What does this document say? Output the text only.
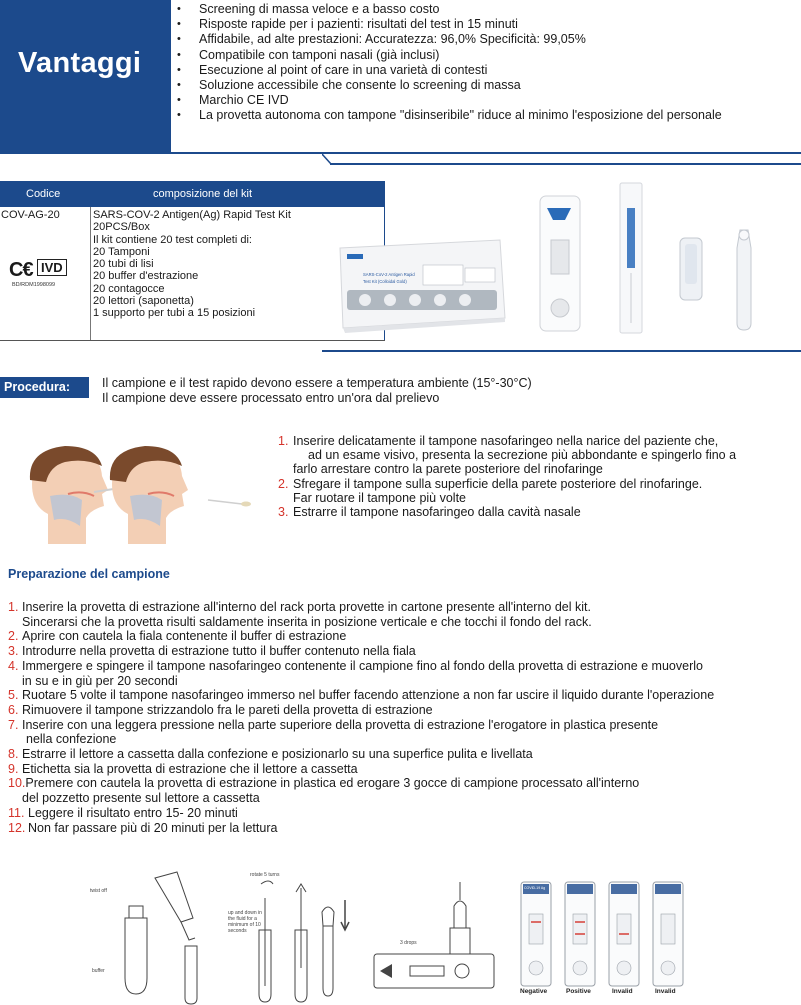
Vantaggi
• Screening di massa veloce e a basso costo
• Risposte rapide per i pazienti: risultati del test in 15 minuti
• Affidabile, ad alte prestazioni: Accuratezza: 96,0% Specificità: 99,05%
• Compatibile con tamponi nasali (già inclusi)
• Esecuzione al point of care in una varietà di contesti
• Soluzione accessibile che consente lo screening di massa
• Marchio CE IVD
• La provetta autonoma con tampone "disinseribile" riduce al minimo l'esposizione del personale
Codice	composizione del kit
COV-AG-20
C€ IVD
BD/RDM1998099
SARS-COV-2 Antigen(Ag) Rapid Test Kit
20PCS/Box
Il kit contiene 20 test completi di:
20 Tamponi
20 tubi di lisi
20 buffer d'estrazione
20 contagocce
20 lettori (saponetta)
1 supporto per tubi a 15 posizioni
SARS-CoV-2 Antigen Rapid
Test Kit (Colloidal Gold)
Procedura:	Il campione e il test rapido devono essere a temperatura ambiente (15°-30°C)
Il campione deve essere processato entro un'ora dal prelievo
1. Inserire delicatamente il tampone nasofaringeo nella narice del paziente che,
ad un esame visivo, presenta la secrezione più abbondante e spingerlo fino a
farlo arrestare contro la parete posteriore del rinofaringe
2. Sfregare il tampone sulla superficie della parete posteriore del rinofaringe.
Far ruotare il tampone più volte
3. Estrarre il tampone nasofaringeo dalla cavità nasale
Preparazione del campione
1. Inserire la provetta di estrazione all'interno del rack porta provette in cartone presente all'interno del kit.
Sincerarsi che la provetta risulti saldamente inserita in posizione verticale e che tocchi il fondo del rack.
2. Aprire con cautela la fiala contenente il buffer di estrazione
3. Introdurre nella provetta di estrazione tutto il buffer contenuto nella fiala
4. Immergere e spingere il tampone nasofaringeo contenente il campione fino al fondo della provetta di estrazione e muoverlo
in su e in giù per 20 secondi
5. Ruotare 5 volte il tampone nasofaringeo immerso nel buffer facendo attenzione a non far uscire il liquido durante l'operazione
6. Rimuovere il tampone strizzandolo fra le pareti della provetta di estrazione
7. Inserire con una leggera pressione nella parte superiore della provetta di estrazione l'erogatore in plastica presente
nella confezione
8. Estrarre il lettore a cassetta dalla confezione e posizionarlo su una superfice pulita e livellata
9. Etichetta sia la provetta di estrazione che il lettore a cassetta
10.Premere con cautela la provetta di estrazione in plastica ed erogare 3 gocce di campione processato all'interno
del pozzetto presente sul lettore a cassetta
11. Leggere il risultato entro 15- 20 minuti
12. Non far passare più di 20 minuti per la lettura
twist off
buffer
rotate 5 turns
up and down in the fluid for a minimum of 10 seconds
3 drops
COVID-19 Ag
Negative	Positive	Invalid	Invalid
